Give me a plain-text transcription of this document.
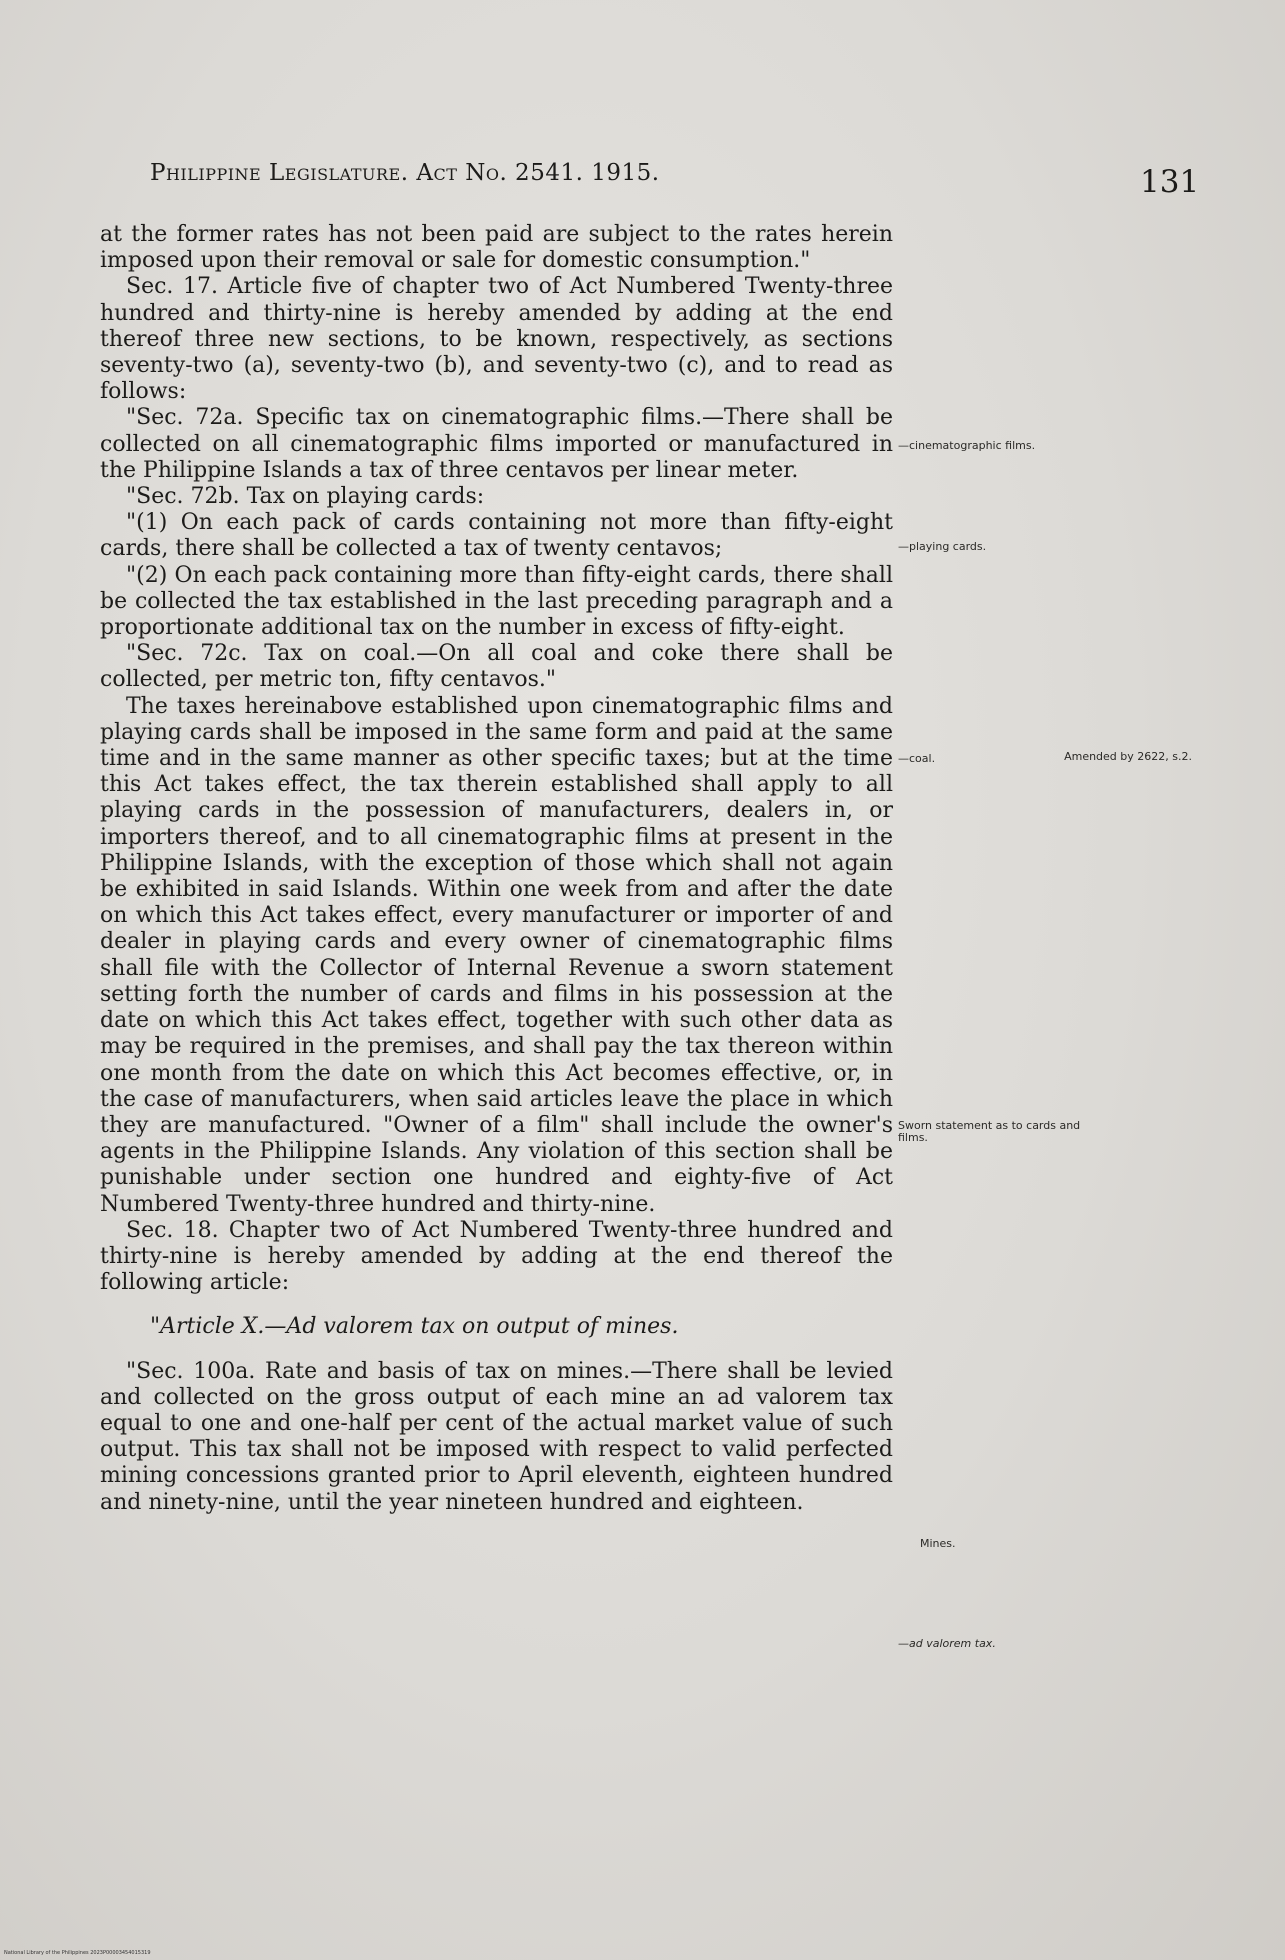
Philippine Legislature. Act No. 2541. 1915.	131

at the former rates has not been paid are subject to the rates herein imposed upon their removal or sale for domestic consumption."

Sec. 17. Article five of chapter two of Act Numbered Twenty-three hundred and thirty-nine is hereby amended by adding at the end thereof three new sections, to be known, respectively, as sections seventy-two (a), seventy-two (b), and seventy-two (c), and to read as follows:

"Sec. 72a. Specific tax on cinematographic films.—There shall be collected on all cinematographic films imported or manufactured in the Philippine Islands a tax of three centavos per linear meter.

"Sec. 72b. Tax on playing cards:

"(1) On each pack of cards containing not more than fifty-eight cards, there shall be collected a tax of twenty centavos;

"(2) On each pack containing more than fifty-eight cards, there shall be collected the tax established in the last preceding paragraph and a proportionate additional tax on the number in excess of fifty-eight.

"Sec. 72c. Tax on coal.—On all coal and coke there shall be collected, per metric ton, fifty centavos."

The taxes hereinabove established upon cinematographic films and playing cards shall be imposed in the same form and paid at the same time and in the same manner as other specific taxes; but at the time this Act takes effect, the tax therein established shall apply to all playing cards in the possession of manufacturers, dealers in, or importers thereof, and to all cinematographic films at present in the Philippine Islands, with the exception of those which shall not again be exhibited in said Islands. Within one week from and after the date on which this Act takes effect, every manufacturer or importer of and dealer in playing cards and every owner of cinematographic films shall file with the Collector of Internal Revenue a sworn statement setting forth the number of cards and films in his possession at the date on which this Act takes effect, together with such other data as may be required in the premises, and shall pay the tax thereon within one month from the date on which this Act becomes effective, or, in the case of manufacturers, when said articles leave the place in which they are manufactured. "Owner of a film" shall include the owner's agents in the Philippine Islands. Any violation of this section shall be punishable under section one hundred and eighty-five of Act Numbered Twenty-three hundred and thirty-nine.

Sec. 18. Chapter two of Act Numbered Twenty-three hundred and thirty-nine is hereby amended by adding at the end thereof the following article:

"Article X.—Ad valorem tax on output of mines.

"Sec. 100a. Rate and basis of tax on mines.—There shall be levied and collected on the gross output of each mine an ad valorem tax equal to one and one-half per cent of the actual market value of such output. This tax shall not be imposed with respect to valid perfected mining concessions granted prior to April eleventh, eighteen hundred and ninety-nine, until the year nineteen hundred and eighteen.

—cinematographic films.
—playing cards.
—coal.	Amended by 2622, s.2.
Sworn statement as to cards and films.
Mines.
—ad valorem tax.
National Library of the Philippines 2023P00003454015319
